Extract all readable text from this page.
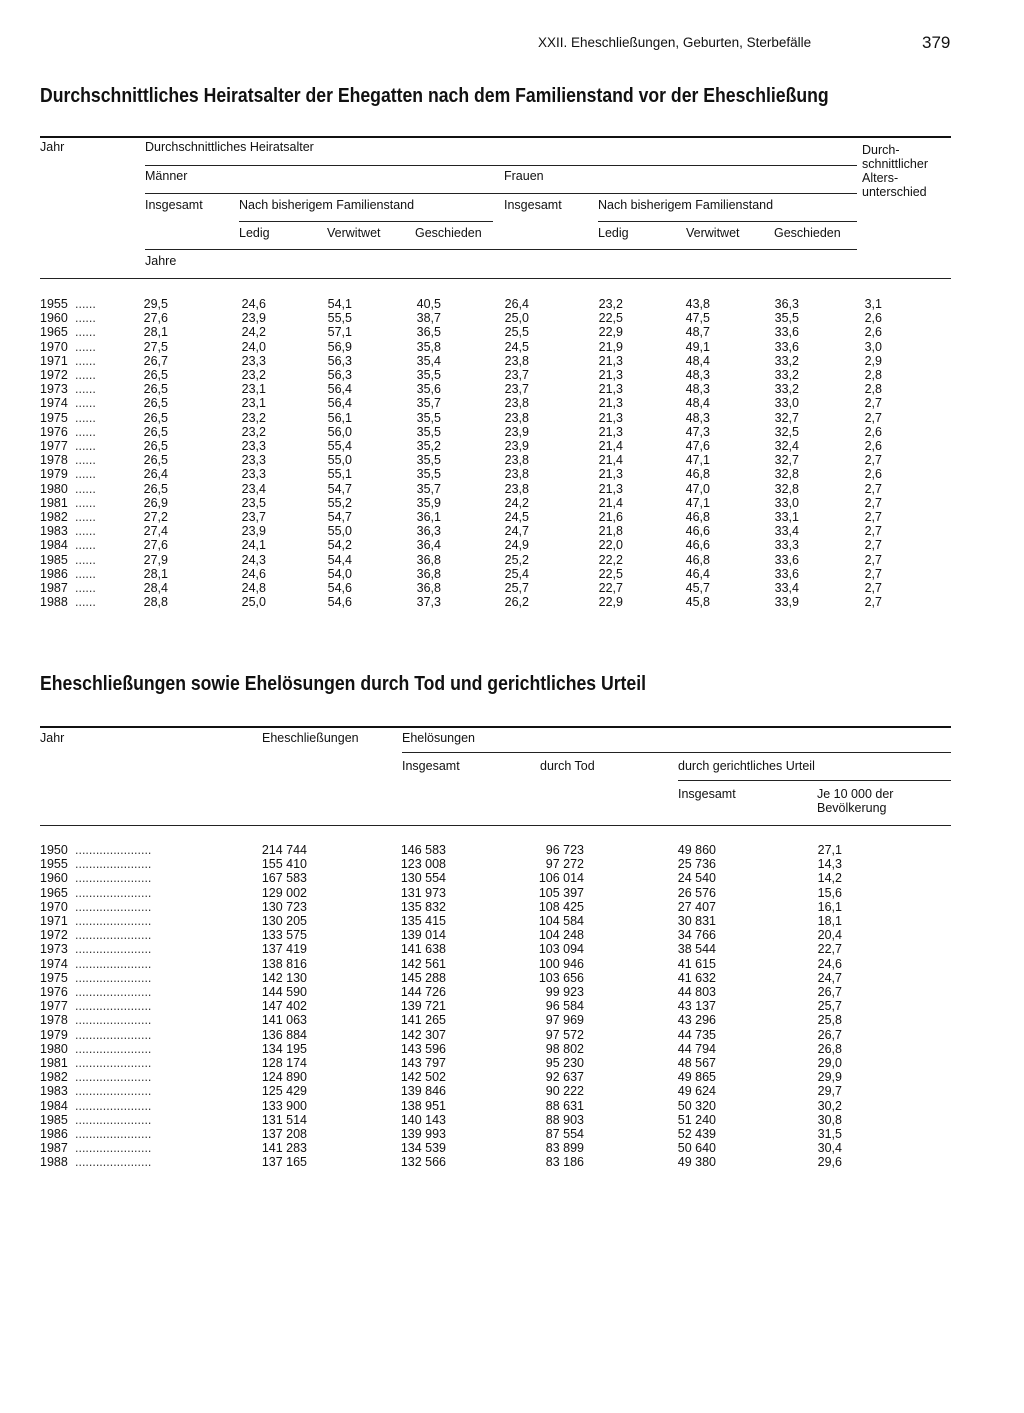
XXII. Eheschließungen, Geburten, Sterbefälle	379
Durchschnittliches Heiratsalter der Ehegatten nach dem Familienstand vor der Eheschließung
Jahr	Durchschnittliches Heiratsalter	Durch-
schnittlicher
Alters-
unterschied
Männer	Frauen
Insgesamt	Nach bisherigem Familienstand	Insgesamt	Nach bisherigem Familienstand
Ledig	Verwitwet	Geschieden	Ledig	Verwitwet	Geschieden
Jahre
1955 ......	29,5	24,6	54,1	40,5	26,4	23,2	43,8	36,3	3,1
1960 ......	27,6	23,9	55,5	38,7	25,0	22,5	47,5	35,5	2,6
1965 ......	28,1	24,2	57,1	36,5	25,5	22,9	48,7	33,6	2,6
1970 ......	27,5	24,0	56,9	35,8	24,5	21,9	49,1	33,6	3,0
1971 ......	26,7	23,3	56,3	35,4	23,8	21,3	48,4	33,2	2,9
1972 ......	26,5	23,2	56,3	35,5	23,7	21,3	48,3	33,2	2,8
1973 ......	26,5	23,1	56,4	35,6	23,7	21,3	48,3	33,2	2,8
1974 ......	26,5	23,1	56,4	35,7	23,8	21,3	48,4	33,0	2,7
1975 ......	26,5	23,2	56,1	35,5	23,8	21,3	48,3	32,7	2,7
1976 ......	26,5	23,2	56,0	35,5	23,9	21,3	47,3	32,5	2,6
1977 ......	26,5	23,3	55,4	35,2	23,9	21,4	47,6	32,4	2,6
1978 ......	26,5	23,3	55,0	35,5	23,8	21,4	47,1	32,7	2,7
1979 ......	26,4	23,3	55,1	35,5	23,8	21,3	46,8	32,8	2,6
1980 ......	26,5	23,4	54,7	35,7	23,8	21,3	47,0	32,8	2,7
1981 ......	26,9	23,5	55,2	35,9	24,2	21,4	47,1	33,0	2,7
1982 ......	27,2	23,7	54,7	36,1	24,5	21,6	46,8	33,1	2,7
1983 ......	27,4	23,9	55,0	36,3	24,7	21,8	46,6	33,4	2,7
1984 ......	27,6	24,1	54,2	36,4	24,9	22,0	46,6	33,3	2,7
1985 ......	27,9	24,3	54,4	36,8	25,2	22,2	46,8	33,6	2,7
1986 ......	28,1	24,6	54,0	36,8	25,4	22,5	46,4	33,6	2,7
1987 ......	28,4	24,8	54,6	36,8	25,7	22,7	45,7	33,4	2,7
1988 ......	28,8	25,0	54,6	37,3	26,2	22,9	45,8	33,9	2,7
Eheschließungen sowie Ehelösungen durch Tod und gerichtliches Urteil
Jahr	Eheschließungen	Ehelösungen
Insgesamt	durch Tod	durch gerichtliches Urteil
Insgesamt	Je 10 000 der
Bevölkerung
1950 ......................	214 744	146 583	96 723	49 860	27,1
1955 ......................	155 410	123 008	97 272	25 736	14,3
1960 ......................	167 583	130 554	106 014	24 540	14,2
1965 ......................	129 002	131 973	105 397	26 576	15,6
1970 ......................	130 723	135 832	108 425	27 407	16,1
1971 ......................	130 205	135 415	104 584	30 831	18,1
1972 ......................	133 575	139 014	104 248	34 766	20,4
1973 ......................	137 419	141 638	103 094	38 544	22,7
1974 ......................	138 816	142 561	100 946	41 615	24,6
1975 ......................	142 130	145 288	103 656	41 632	24,7
1976 ......................	144 590	144 726	99 923	44 803	26,7
1977 ......................	147 402	139 721	96 584	43 137	25,7
1978 ......................	141 063	141 265	97 969	43 296	25,8
1979 ......................	136 884	142 307	97 572	44 735	26,7
1980 ......................	134 195	143 596	98 802	44 794	26,8
1981 ......................	128 174	143 797	95 230	48 567	29,0
1982 ......................	124 890	142 502	92 637	49 865	29,9
1983 ......................	125 429	139 846	90 222	49 624	29,7
1984 ......................	133 900	138 951	88 631	50 320	30,2
1985 ......................	131 514	140 143	88 903	51 240	30,8
1986 ......................	137 208	139 993	87 554	52 439	31,5
1987 ......................	141 283	134 539	83 899	50 640	30,4
1988 ......................	137 165	132 566	83 186	49 380	29,6
